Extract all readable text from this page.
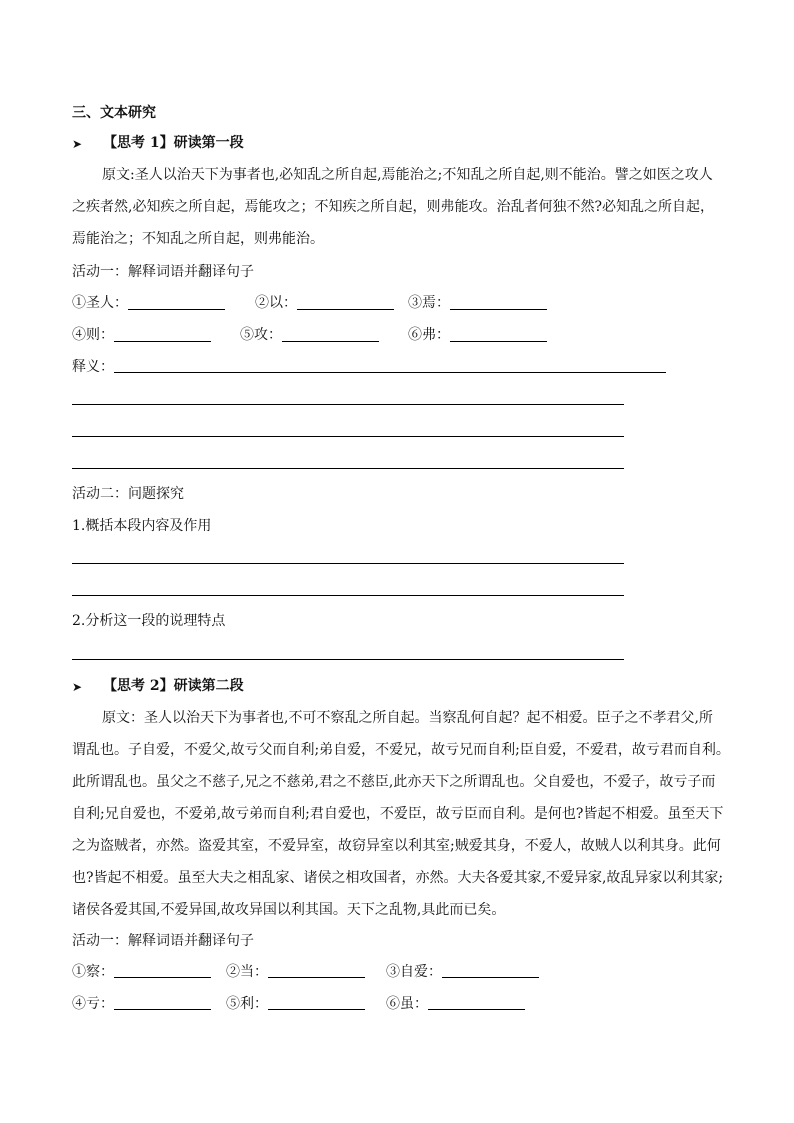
三、文本研究
➤ 【思考 1】研读第一段
原文:圣人以治天下为事者也,必知乱之所自起,焉能治之;不知乱之所自起,则不能治。譬之如医之攻人
之疾者然,必知疾之所自起，焉能攻之；不知疾之所自起，则弗能攻。治乱者何独不然?必知乱之所自起，
焉能治之；不知乱之所自起，则弗能治。
活动一：解释词语并翻译句子
①圣人：	②以：	③焉：
④则：	⑤攻：	⑥弗：
释义：
活动二：问题探究
1.概括本段内容及作用
2.分析这一段的说理特点
➤ 【思考 2】研读第二段
原文：圣人以治天下为事者也,不可不察乱之所自起。当察乱何自起？起不相爱。臣子之不孝君父,所
谓乱也。子自爱，不爱父,故亏父而自利;弟自爱，不爱兄，故亏兄而自利;臣自爱，不爱君，故亏君而自利。
此所谓乱也。虽父之不慈子,兄之不慈弟,君之不慈臣,此亦天下之所谓乱也。父自爱也，不爱子，故亏子而
自利;兄自爱也，不爱弟,故亏弟而自利;君自爱也，不爱臣，故亏臣而自利。是何也?皆起不相爱。虽至天下
之为盗贼者，亦然。盗爱其室，不爱异室，故窃异室以利其室;贼爱其身，不爱人，故贼人以利其身。此何
也?皆起不相爱。虽至大夫之相乱家、诸侯之相攻国者，亦然。大夫各爱其家,不爱异家,故乱异家以利其家;
诸侯各爱其国,不爱异国,故攻异国以利其国。天下之乱物,具此而已矣。
活动一：解释词语并翻译句子
①察：	②当：	③自爱：
④亏：	⑤利：	⑥虽：
